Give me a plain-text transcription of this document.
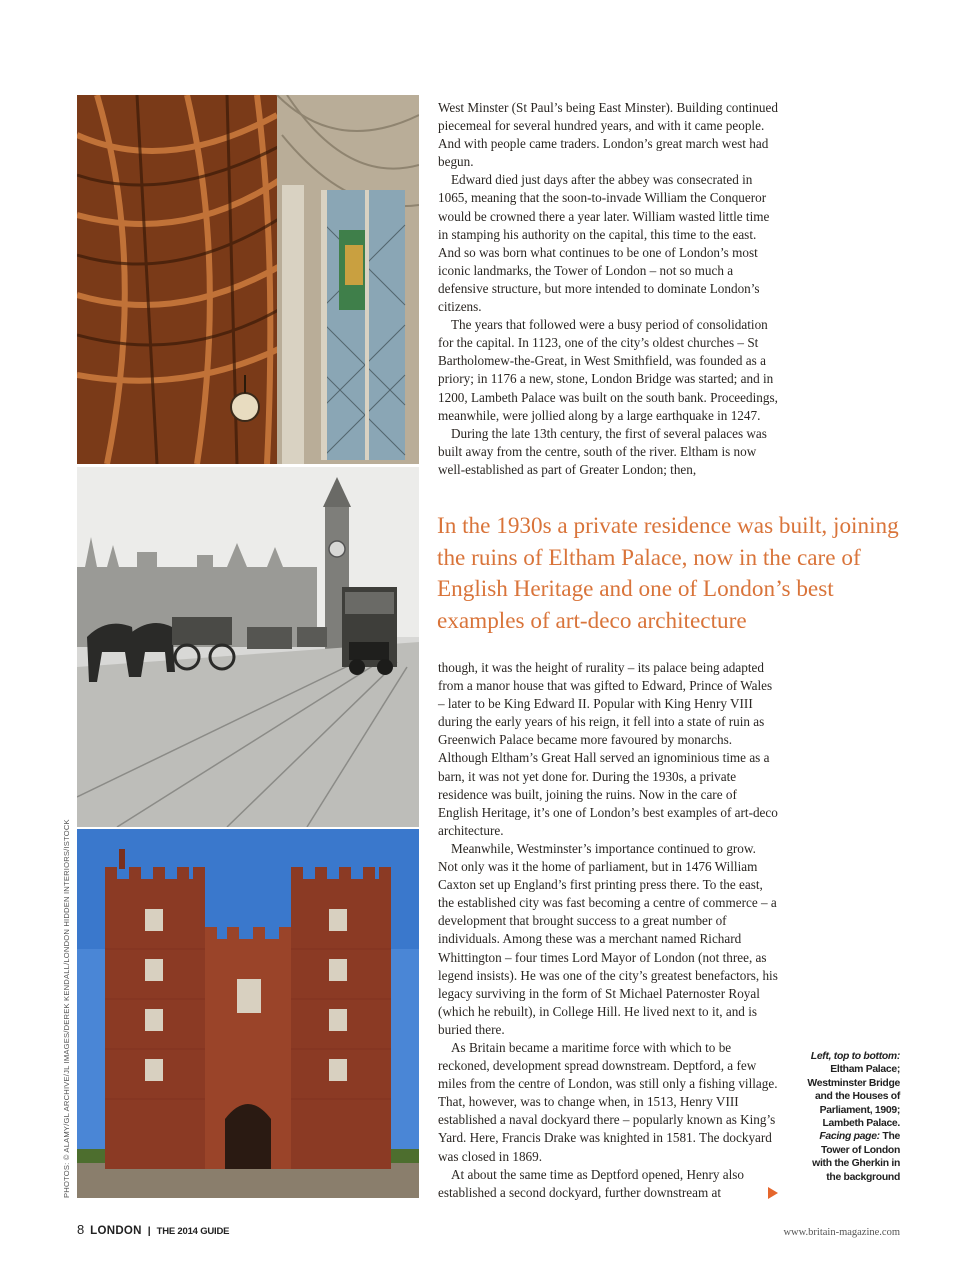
PHOTOS: © ALAMY/GL ARCHIVE/JL IMAGES/DEREK KENDALL/LONDON HIDDEN INTERIORS/ISTOCK

West Minster (St Paul’s being East Minster). Building continued piecemeal for several hundred years, and with it came people. And with people came traders. London’s great march west had begun.

Edward died just days after the abbey was consecrated in 1065, meaning that the soon-to-invade William the Conqueror would be crowned there a year later. William wasted little time in stamping his authority on the capital, this time to the east. And so was born what continues to be one of London’s most iconic landmarks, the Tower of London – not so much a defensive structure, but more intended to dominate London’s citizens.

The years that followed were a busy period of consolidation for the capital. In 1123, one of the city’s oldest churches – St Bartholomew-the-Great, in West Smithfield, was founded as a priory; in 1176 a new, stone, London Bridge was started; and in 1200, Lambeth Palace was built on the south bank. Proceedings, meanwhile, were jollied along by a large earthquake in 1247.

During the late 13th century, the first of several palaces was built away from the centre, south of the river. Eltham is now well-established as part of Greater London; then,

In the 1930s a private residence was built, joining the ruins of Eltham Palace, now in the care of English Heritage and one of London’s best examples of art-deco architecture

though, it was the height of rurality – its palace being adapted from a manor house that was gifted to Edward, Prince of Wales – later to be King Edward II. Popular with King Henry VIII during the early years of his reign, it fell into a state of ruin as Greenwich Palace became more favoured by monarchs. Although Eltham’s Great Hall served an ignominious time as a barn, it was not yet done for. During the 1930s, a private residence was built, joining the ruins. Now in the care of English Heritage, it’s one of London’s best examples of art-deco architecture.

Meanwhile, Westminster’s importance continued to grow. Not only was it the home of parliament, but in 1476 William Caxton set up England’s first printing press there. To the east, the established city was fast becoming a centre of commerce – a development that brought success to a great number of individuals. Among these was a merchant named Richard Whittington – four times Lord Mayor of London (not three, as legend insists). He was one of the city’s greatest benefactors, his legacy surviving in the form of St Michael Paternoster Royal (which he rebuilt), in College Hill. He lived next to it, and is buried there.

As Britain became a maritime force with which to be reckoned, development spread downstream. Deptford, a few miles from the centre of London, was still only a fishing village. That, however, was to change when, in 1513, Henry VIII established a naval dockyard there – popularly known as King’s Yard. Here, Francis Drake was knighted in 1581. The dockyard was closed in 1869.

At about the same time as Deptford opened, Henry also established a second dockyard, further downstream at

Left, top to bottom:
Eltham Palace;
Westminster Bridge
and the Houses of
Parliament, 1909;
Lambeth Palace.
Facing page: The
Tower of London
with the Gherkin in
the background
8 LONDON | THE 2014 GUIDE	www.britain-magazine.com
